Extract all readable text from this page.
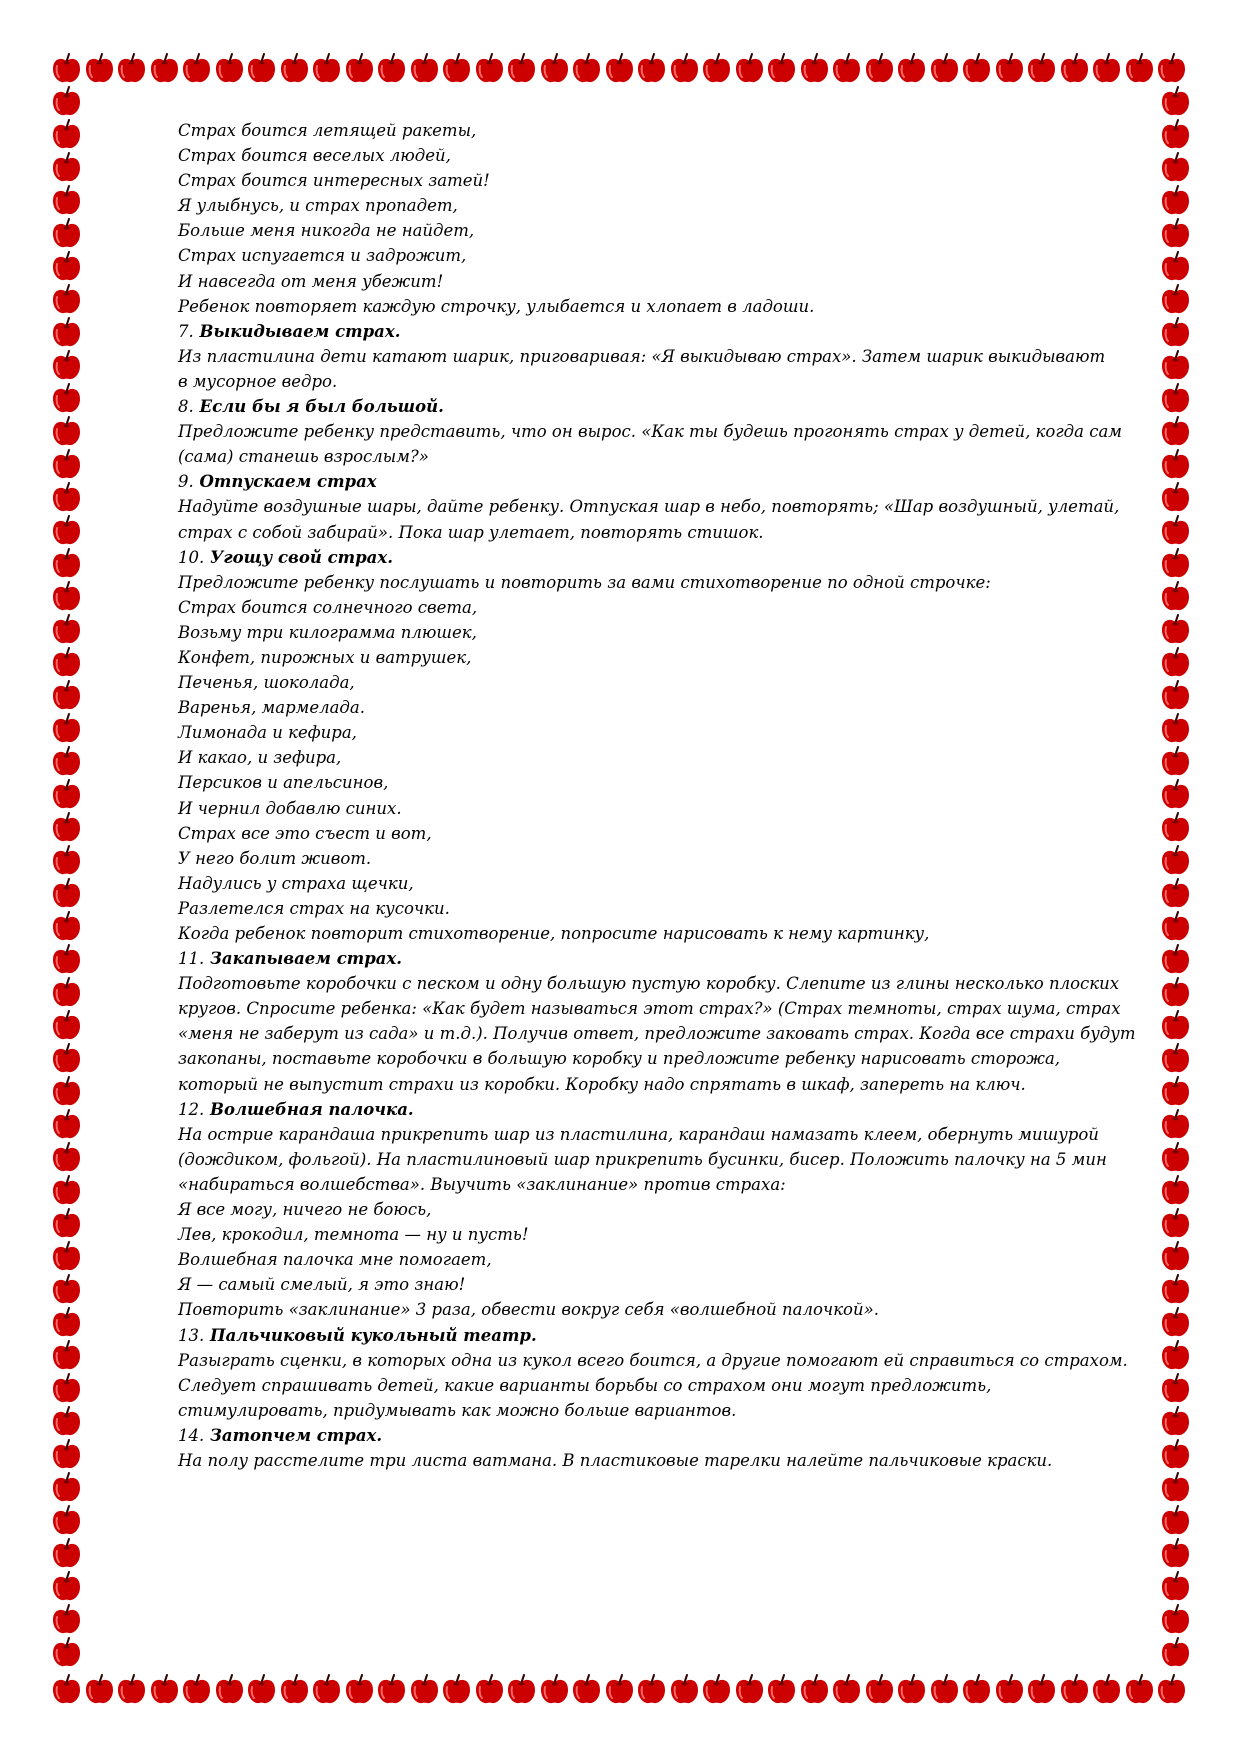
Страх боится летящей ракеты,
Страх боится веселых людей,
Страх боится интересных затей!
Я улыбнусь, и страх пропадет,
Больше меня никогда не найдет,
Страх испугается и задрожит,
И навсегда от меня убежит!
Ребенок повторяет каждую строчку, улыбается и хлопает в ладоши.
7. Выкидываем страх.
Из пластилина дети катают шарик, приговаривая: «Я выкидываю страх». Затем шарик выкидывают
в мусорное ведро.
8. Если бы я был большой.
Предложите ребенку представить, что он вырос. «Как ты будешь прогонять страх у детей, когда сам
(сама) станешь взрослым?»
9. Отпускаем страх
Надуйте воздушные шары, дайте ребенку. Отпуская шар в небо, повторять; «Шар воздушный, улетай,
страх с собой забирай». Пока шар улетает, повторять стишок.
10. Угощу свой страх.
Предложите ребенку послушать и повторить за вами стихотворение по одной строчке:
Страх боится солнечного света,
Возьму три килограмма плюшек,
Конфет, пирожных и ватрушек,
Печенья, шоколада,
Варенья, мармелада.
Лимонада и кефира,
И какао, и зефира,
Персиков и апельсинов,
И чернил добавлю синих.
Страх все это съест и вот,
У него болит живот.
Надулись у страха щечки,
Разлетелся страх на кусочки.
Когда ребенок повторит стихотворение, попросите нарисовать к нему картинку,
11. Закапываем страх.
Подготовьте коробочки с песком и одну большую пустую коробку. Слепите из глины несколько плоских
кругов. Спросите ребенка: «Как будет называться этот страх?» (Страх темноты, страх шума, страх
«меня не заберут из сада» и т.д.). Получив ответ, предложите заковать страх. Когда все страхи будут
закопаны, поставьте коробочки в большую коробку и предложите ребенку нарисовать сторожа,
который не выпустит страхи из коробки. Коробку надо спрятать в шкаф, запереть на ключ.
12. Волшебная палочка.
На острие карандаша прикрепить шар из пластилина, карандаш намазать клеем, обернуть мишурой
(дождиком, фольгой). На пластилиновый шар прикрепить бусинки, бисер. Положить палочку на 5 мин
«набираться волшебства». Выучить «заклинание» против страха:
Я все могу, ничего не боюсь,
Лев, крокодил, темнота — ну и пусть!
Волшебная палочка мне помогает,
Я — самый смелый, я это знаю!
Повторить «заклинание» 3 раза, обвести вокруг себя «волшебной палочкой».
13. Пальчиковый кукольный театр.
Разыграть сценки, в которых одна из кукол всего боится, а другие помогают ей справиться со страхом.
Следует спрашивать детей, какие варианты борьбы со страхом они могут предложить,
стимулировать, придумывать как можно больше вариантов.
14. Затопчем страх.
На полу расстелите три листа ватмана. В пластиковые тарелки налейте пальчиковые краски.
